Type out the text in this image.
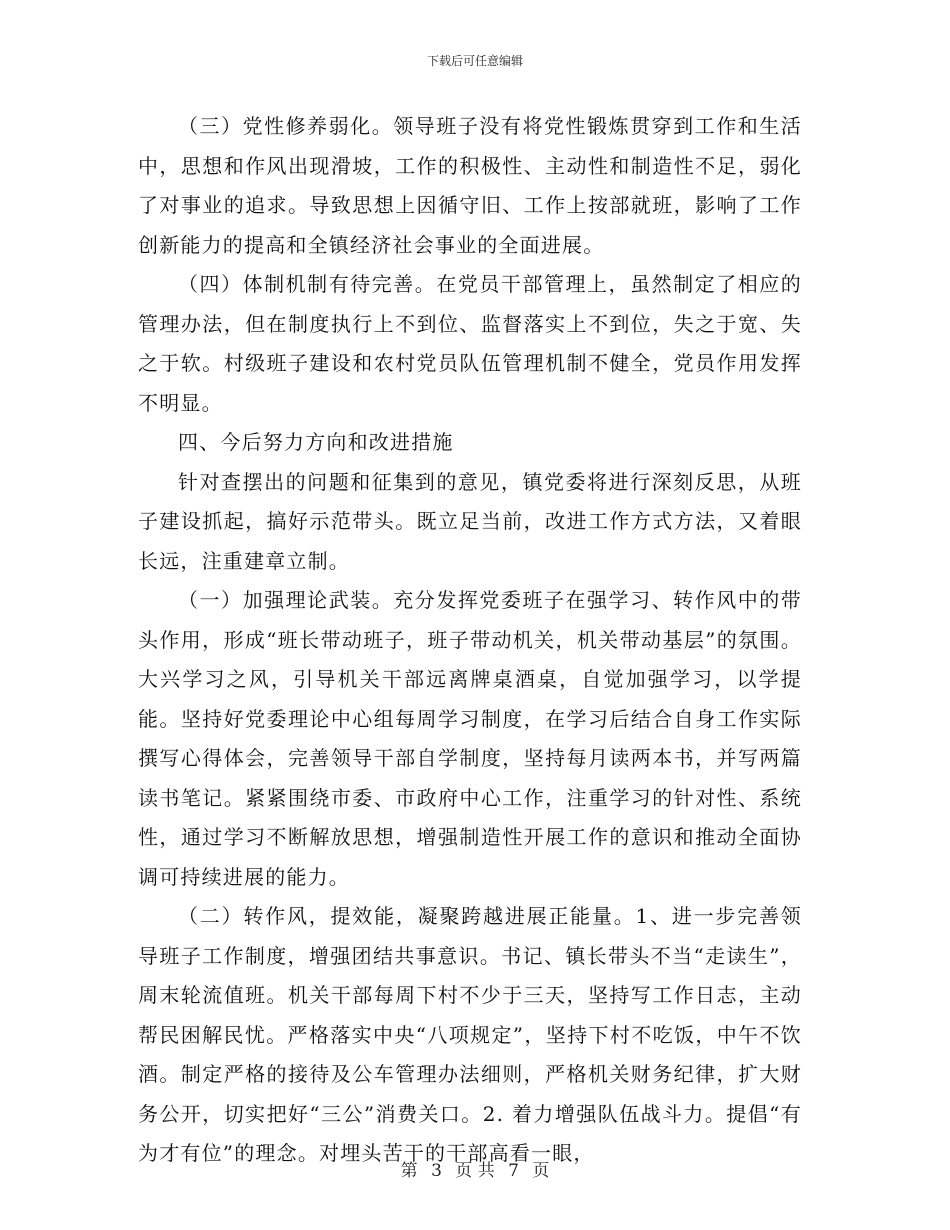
下载后可任意编辑

（三）党性修养弱化。领导班子没有将党性锻炼贯穿到工作和生活中，思想和作风出现滑坡，工作的积极性、主动性和制造性不足，弱化了对事业的追求。导致思想上因循守旧、工作上按部就班，影响了工作创新能力的提高和全镇经济社会事业的全面进展。

（四）体制机制有待完善。在党员干部管理上，虽然制定了相应的管理办法，但在制度执行上不到位、监督落实上不到位，失之于宽、失之于软。村级班子建设和农村党员队伍管理机制不健全，党员作用发挥不明显。

四、今后努力方向和改进措施

针对查摆出的问题和征集到的意见，镇党委将进行深刻反思，从班子建设抓起，搞好示范带头。既立足当前，改进工作方式方法，又着眼长远，注重建章立制。

（一）加强理论武装。充分发挥党委班子在强学习、转作风中的带头作用，形成“班长带动班子，班子带动机关，机关带动基层”的氛围。大兴学习之风，引导机关干部远离牌桌酒桌，自觉加强学习，以学提能。坚持好党委理论中心组每周学习制度，在学习后结合自身工作实际撰写心得体会，完善领导干部自学制度，坚持每月读两本书，并写两篇读书笔记。紧紧围绕市委、市政府中心工作，注重学习的针对性、系统性，通过学习不断解放思想，增强制造性开展工作的意识和推动全面协调可持续进展的能力。

（二）转作风，提效能，凝聚跨越进展正能量。1、进一步完善领导班子工作制度，增强团结共事意识。书记、镇长带头不当“走读生”，周末轮流值班。机关干部每周下村不少于三天，坚持写工作日志，主动帮民困解民忧。严格落实中央“八项规定”，坚持下村不吃饭，中午不饮酒。制定严格的接待及公车管理办法细则，严格机关财务纪律，扩大财务公开，切实把好“三公”消费关口。2. 着力增强队伍战斗力。提倡“有为才有位”的理念。对埋头苦干的干部高看一眼，

第 3 页 共 7 页
